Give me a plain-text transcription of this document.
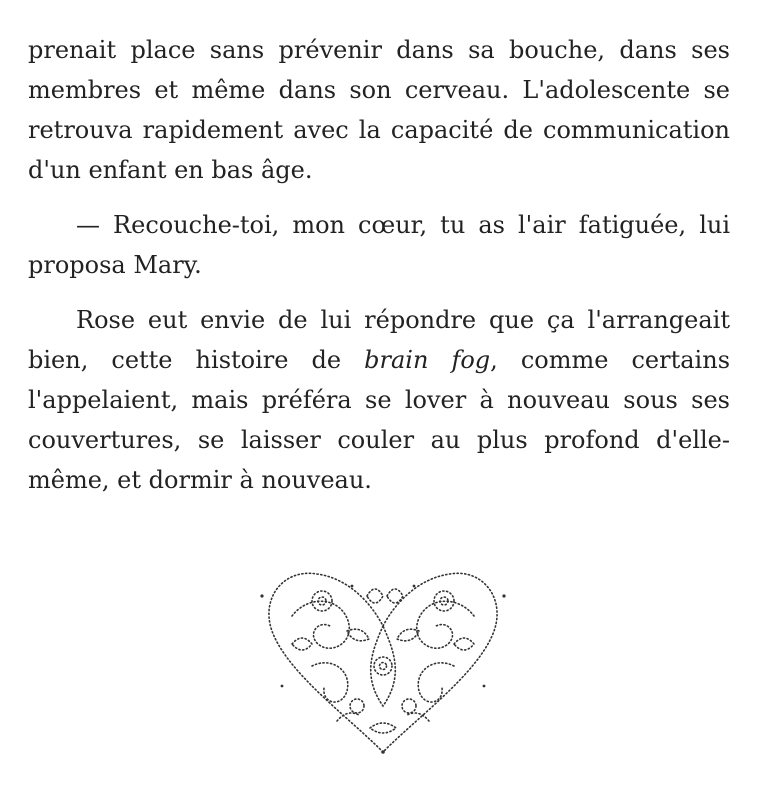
prenait place sans prévenir dans sa bouche, dans ses membres et même dans son cerveau. L'adolescente se retrouva rapidement avec la capacité de communication d'un enfant en bas âge.

— Recouche-toi, mon cœur, tu as l'air fatiguée, lui proposa Mary.

Rose eut envie de lui répondre que ça l'arrangeait bien, cette histoire de brain fog, comme certains l'appelaient, mais préféra se lover à nouveau sous ses couvertures, se laisser couler au plus profond d'elle-même, et dormir à nouveau.
